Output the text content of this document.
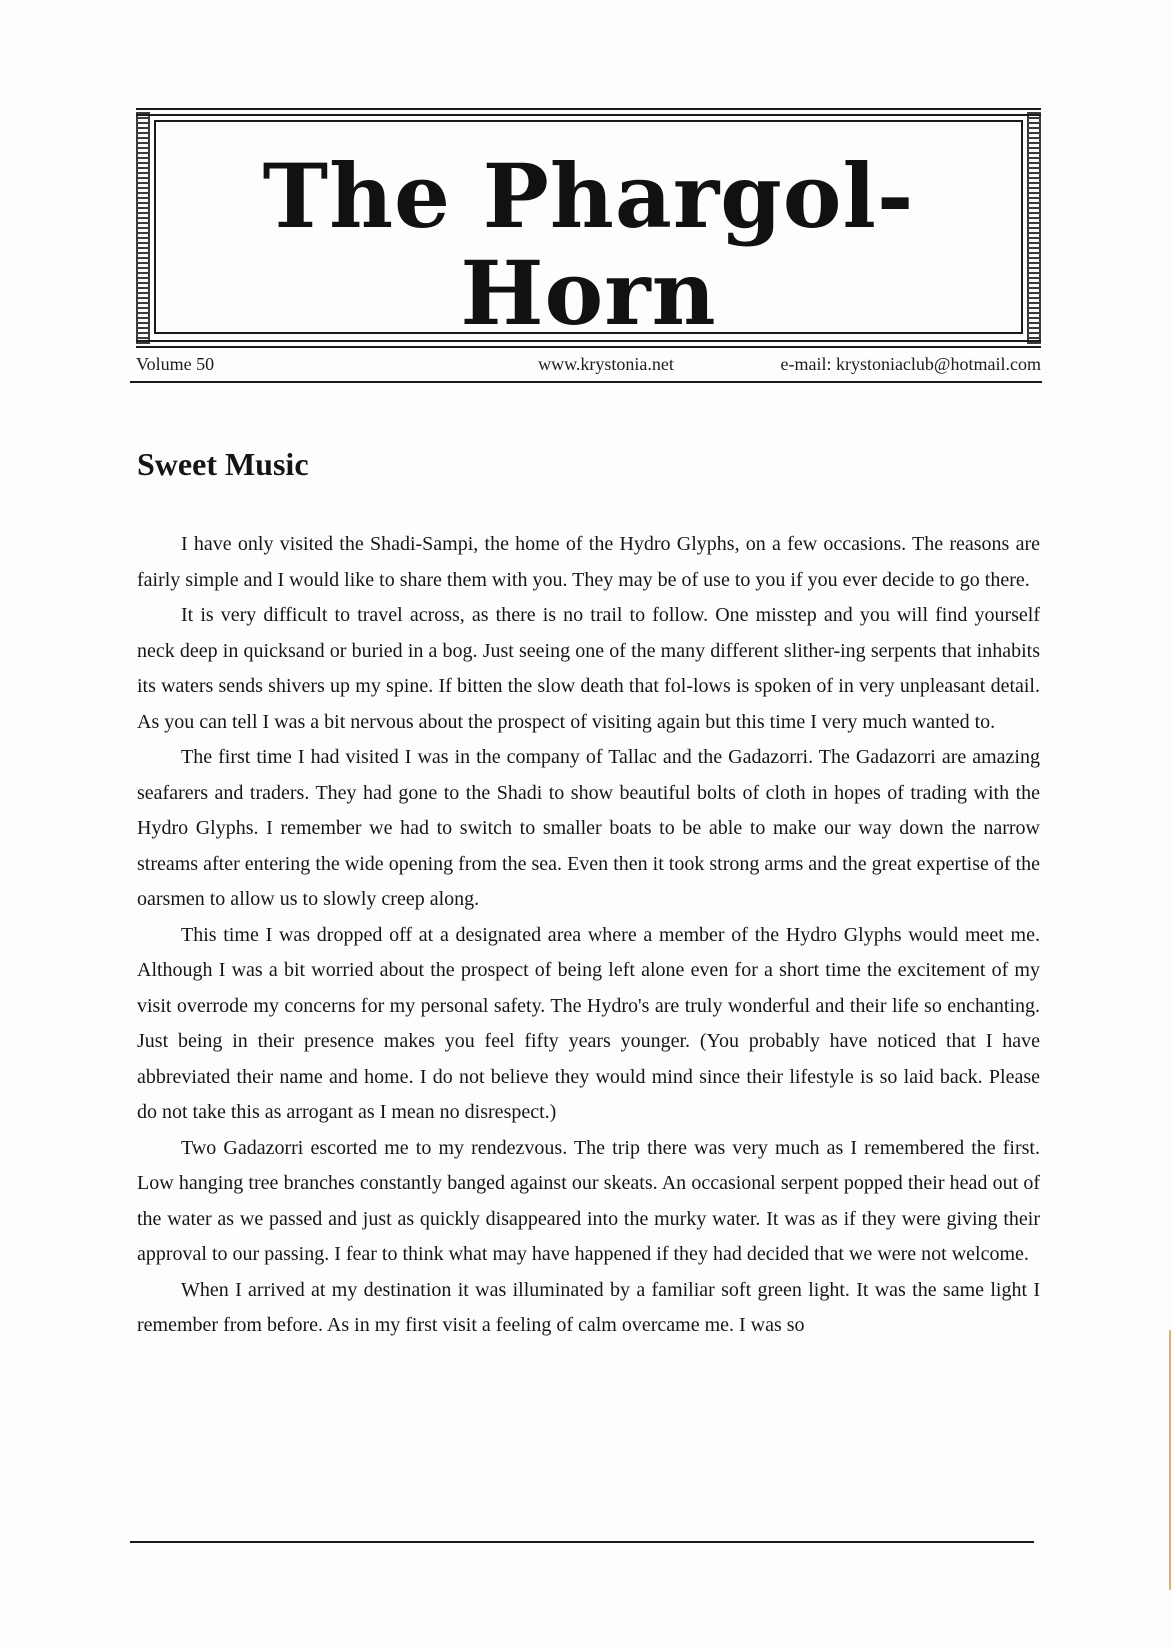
The Phargol-Horn
Volume 50	www.krystonia.net	e-mail: krystoniaclub@hotmail.com
Sweet Music

I have only visited the Shadi-Sampi, the home of the Hydro Glyphs, on a few occasions. The reasons are fairly simple and I would like to share them with you. They may be of use to you if you ever decide to go there.

It is very difficult to travel across, as there is no trail to follow. One misstep and you will find yourself neck deep in quicksand or buried in a bog. Just seeing one of the many different slither-ing serpents that inhabits its waters sends shivers up my spine. If bitten the slow death that fol-lows is spoken of in very unpleasant detail. As you can tell I was a bit nervous about the prospect of visiting again but this time I very much wanted to.

The first time I had visited I was in the company of Tallac and the Gadazorri. The Gadazorri are amazing seafarers and traders. They had gone to the Shadi to show beautiful bolts of cloth in hopes of trading with the Hydro Glyphs. I remember we had to switch to smaller boats to be able to make our way down the narrow streams after entering the wide opening from the sea. Even then it took strong arms and the great expertise of the oarsmen to allow us to slowly creep along.

This time I was dropped off at a designated area where a member of the Hydro Glyphs would meet me. Although I was a bit worried about the prospect of being left alone even for a short time the excitement of my visit overrode my concerns for my personal safety. The Hydro's are truly wonderful and their life so enchanting. Just being in their presence makes you feel fifty years younger. (You probably have noticed that I have abbreviated their name and home. I do not believe they would mind since their lifestyle is so laid back. Please do not take this as arrogant as I mean no disrespect.)

Two Gadazorri escorted me to my rendezvous. The trip there was very much as I remembered the first. Low hanging tree branches constantly banged against our skeats. An occasional serpent popped their head out of the water as we passed and just as quickly disappeared into the murky water. It was as if they were giving their approval to our passing. I fear to think what may have happened if they had decided that we were not welcome.

When I arrived at my destination it was illuminated by a familiar soft green light. It was the same light I remember from before. As in my first visit a feeling of calm overcame me. I was so
